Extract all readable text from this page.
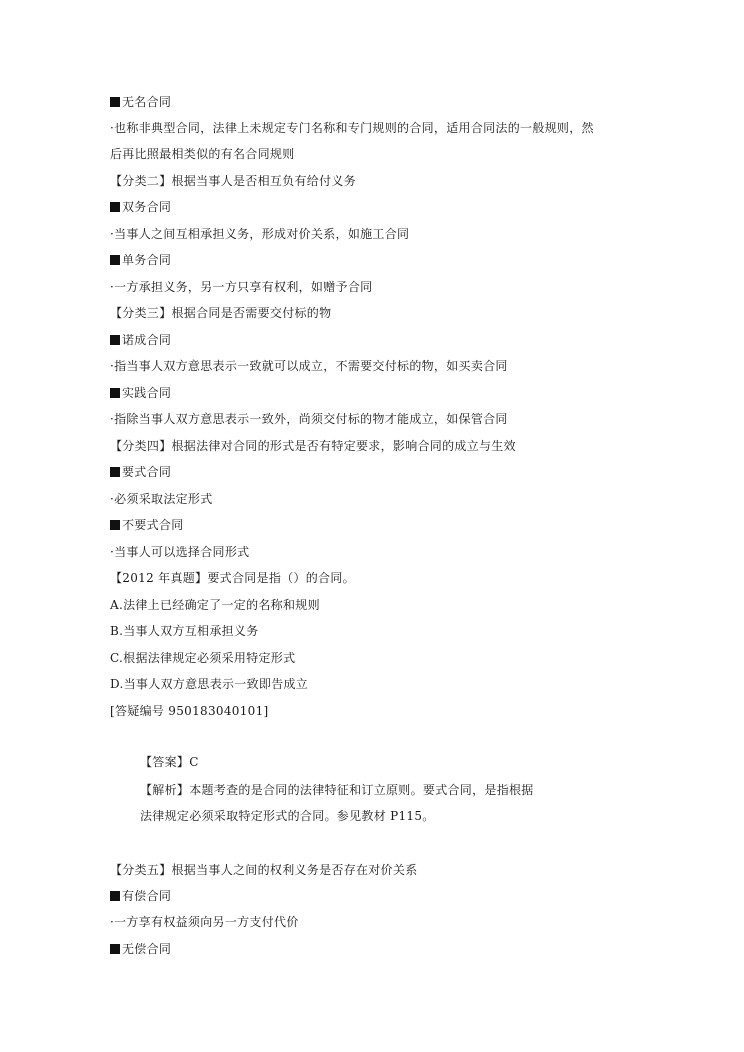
无名合同
·也称非典型合同，法律上未规定专门名称和专门规则的合同，适用合同法的一般规则，然
后再比照最相类似的有名合同规则
【分类二】根据当事人是否相互负有给付义务
双务合同
·当事人之间互相承担义务，形成对价关系，如施工合同
单务合同
·一方承担义务，另一方只享有权利，如赠予合同
【分类三】根据合同是否需要交付标的物
诺成合同
·指当事人双方意思表示一致就可以成立，不需要交付标的物，如买卖合同
实践合同
·指除当事人双方意思表示一致外，尚须交付标的物才能成立，如保管合同
【分类四】根据法律对合同的形式是否有特定要求，影响合同的成立与生效
要式合同
·必须采取法定形式
不要式合同
·当事人可以选择合同形式
【2012 年真题】要式合同是指（）的合同。
A.法律上已经确定了一定的名称和规则
B.当事人双方互相承担义务
C.根据法律规定必须采用特定形式
D.当事人双方意思表示一致即告成立
[答疑编号 950183040101]
【答案】C
【解析】本题考查的是合同的法律特征和订立原则。要式合同，是指根据
法律规定必须采取特定形式的合同。参见教材 P115。
【分类五】根据当事人之间的权利义务是否存在对价关系
有偿合同
·一方享有权益须向另一方支付代价
无偿合同
